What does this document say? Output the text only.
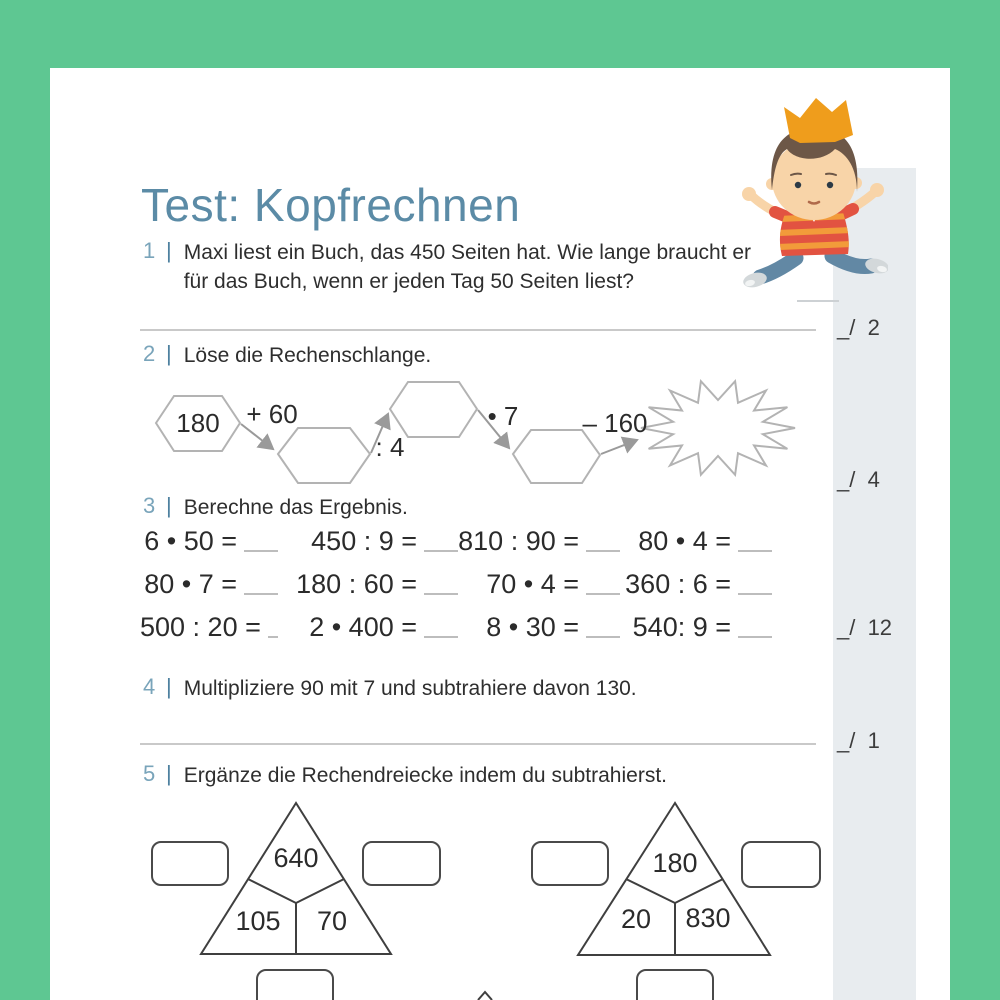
Test: Kopfrechnen
1 | Maxi liest ein Buch, das 450 Seiten hat. Wie lange braucht er
für das Buch, wenn er jeden Tag 50 Seiten liest?
2 | Löse die Rechenschlange.
180 + 60
: 4
• 7 – 160
3 | Berechne das Ergebnis.
6 • 50 =	450 : 9 = 810 : 90 = 80 • 4 =
80 • 7 = 180 : 60 =	70 • 4 = 360 : 6 =
500 : 20 = 2 • 400 =	8 • 30 = 540: 9 =
4 | Multipliziere 90 mit 7 und subtrahiere davon 130.
5 | Ergänze die Rechendreiecke indem du subtrahierst.
640
105 70
180
20 830
_/  2
_/  4
_/  12
_/  1
